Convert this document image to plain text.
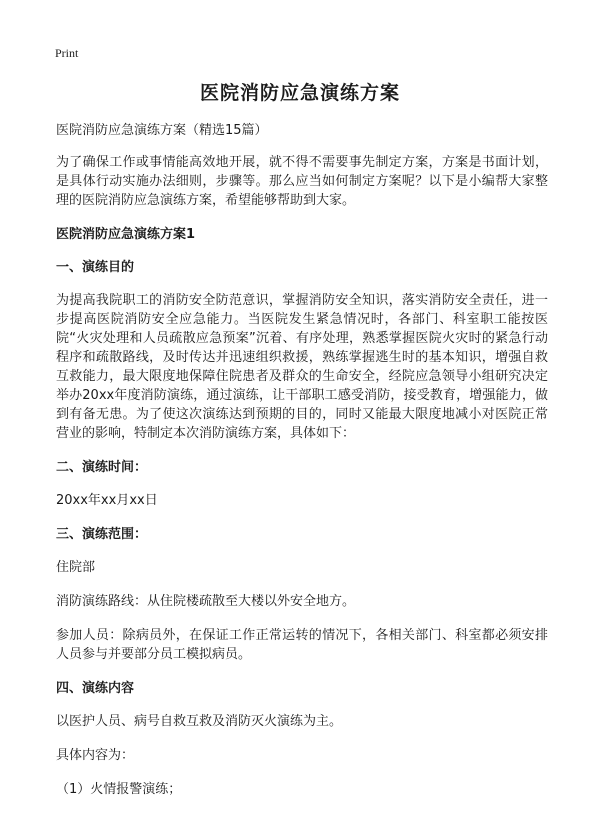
Print
医院消防应急演练方案

医院消防应急演练方案（精选15篇）

为了确保工作或事情能高效地开展，就不得不需要事先制定方案，方案是书面计划，是具体行动实施办法细则，步骤等。那么应当如何制定方案呢？以下是小编帮大家整理的医院消防应急演练方案，希望能够帮助到大家。

医院消防应急演练方案1

一、演练目的

为提高我院职工的消防安全防范意识，掌握消防安全知识，落实消防安全责任，进一步提高医院消防安全应急能力。当医院发生紧急情况时，各部门、科室职工能按医院“火灾处理和人员疏散应急预案”沉着、有序处理，熟悉掌握医院火灾时的紧急行动程序和疏散路线，及时传达并迅速组织救援，熟练掌握逃生时的基本知识，增强自救互救能力，最大限度地保障住院患者及群众的生命安全，经院应急领导小组研究决定举办20xx年度消防演练，通过演练，让干部职工感受消防，接受教育，增强能力，做到有备无患。为了使这次演练达到预期的目的，同时又能最大限度地减小对医院正常营业的影响，特制定本次消防演练方案，具体如下：

二、演练时间：

20xx年xx月xx日

三、演练范围：

住院部

消防演练路线：从住院楼疏散至大楼以外安全地方。

参加人员：除病员外，在保证工作正常运转的情况下，各相关部门、科室都必须安排人员参与并要部分员工模拟病员。

四、演练内容

以医护人员、病号自救互救及消防灭火演练为主。

具体内容为：

（1）火情报警演练；
